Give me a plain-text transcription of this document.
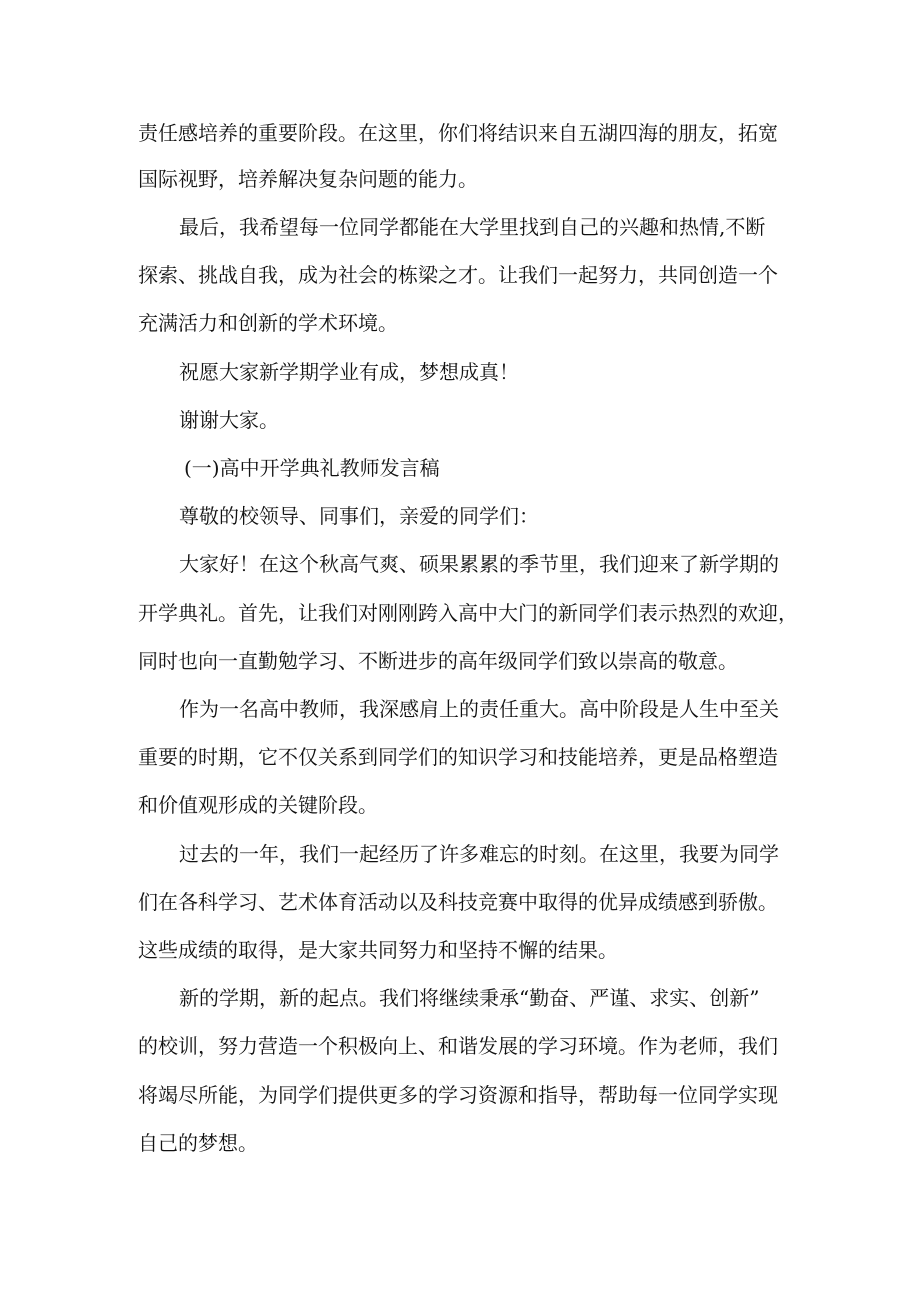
责任感培养的重要阶段。在这里，你们将结识来自五湖四海的朋友，拓宽
国际视野，培养解决复杂问题的能力。
最后，我希望每一位同学都能在大学里找到自己的兴趣和热情,不断
探索、挑战自我，成为社会的栋梁之才。让我们一起努力，共同创造一个
充满活力和创新的学术环境。
祝愿大家新学期学业有成，梦想成真！
谢谢大家。
(一)高中开学典礼教师发言稿
尊敬的校领导、同事们，亲爱的同学们：
大家好！在这个秋高气爽、硕果累累的季节里，我们迎来了新学期的
开学典礼。首先，让我们对刚刚跨入高中大门的新同学们表示热烈的欢迎，
同时也向一直勤勉学习、不断进步的高年级同学们致以崇高的敬意。
作为一名高中教师，我深感肩上的责任重大。高中阶段是人生中至关
重要的时期，它不仅关系到同学们的知识学习和技能培养，更是品格塑造
和价值观形成的关键阶段。
过去的一年，我们一起经历了许多难忘的时刻。在这里，我要为同学
们在各科学习、艺术体育活动以及科技竞赛中取得的优异成绩感到骄傲。
这些成绩的取得，是大家共同努力和坚持不懈的结果。
新的学期，新的起点。我们将继续秉承“勤奋、严谨、求实、创新”
的校训，努力营造一个积极向上、和谐发展的学习环境。作为老师，我们
将竭尽所能，为同学们提供更多的学习资源和指导，帮助每一位同学实现
自己的梦想。
